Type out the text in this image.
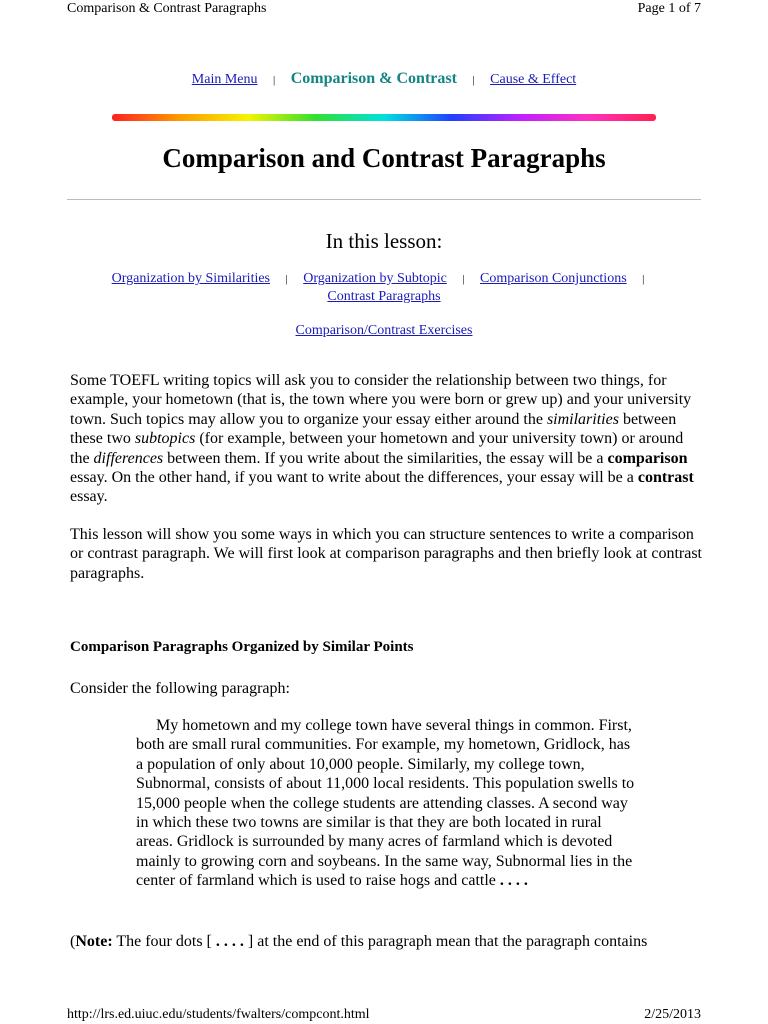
Comparison & Contrast Paragraphs	Page 1 of 7
Main Menu | Comparison & Contrast | Cause & Effect
Comparison and Contrast Paragraphs
In this lesson:
Organization by Similarities | Organization by Subtopic | Comparison Conjunctions |
Contrast Paragraphs
Comparison/Contrast Exercises

Some TOEFL writing topics will ask you to consider the relationship between two things, for example, your hometown (that is, the town where you were born or grew up) and your university town. Such topics may allow you to organize your essay either around the similarities between these two subtopics (for example, between your hometown and your university town) or around the differences between them. If you write about the similarities, the essay will be a comparison essay. On the other hand, if you want to write about the differences, your essay will be a contrast essay.

This lesson will show you some ways in which you can structure sentences to write a comparison or contrast paragraph. We will first look at comparison paragraphs and then briefly look at contrast paragraphs.

Comparison Paragraphs Organized by Similar Points

Consider the following paragraph:

My hometown and my college town have several things in common. First, both are small rural communities. For example, my hometown, Gridlock, has a population of only about 10,000 people. Similarly, my college town, Subnormal, consists of about 11,000 local residents. This population swells to 15,000 people when the college students are attending classes. A second way in which these two towns are similar is that they are both located in rural areas. Gridlock is surrounded by many acres of farmland which is devoted mainly to growing corn and soybeans. In the same way, Subnormal lies in the center of farmland which is used to raise hogs and cattle . . . .

(Note: The four dots [ . . . . ] at the end of this paragraph mean that the paragraph contains

http://lrs.ed.uiuc.edu/students/fwalters/compcont.html	2/25/2013
